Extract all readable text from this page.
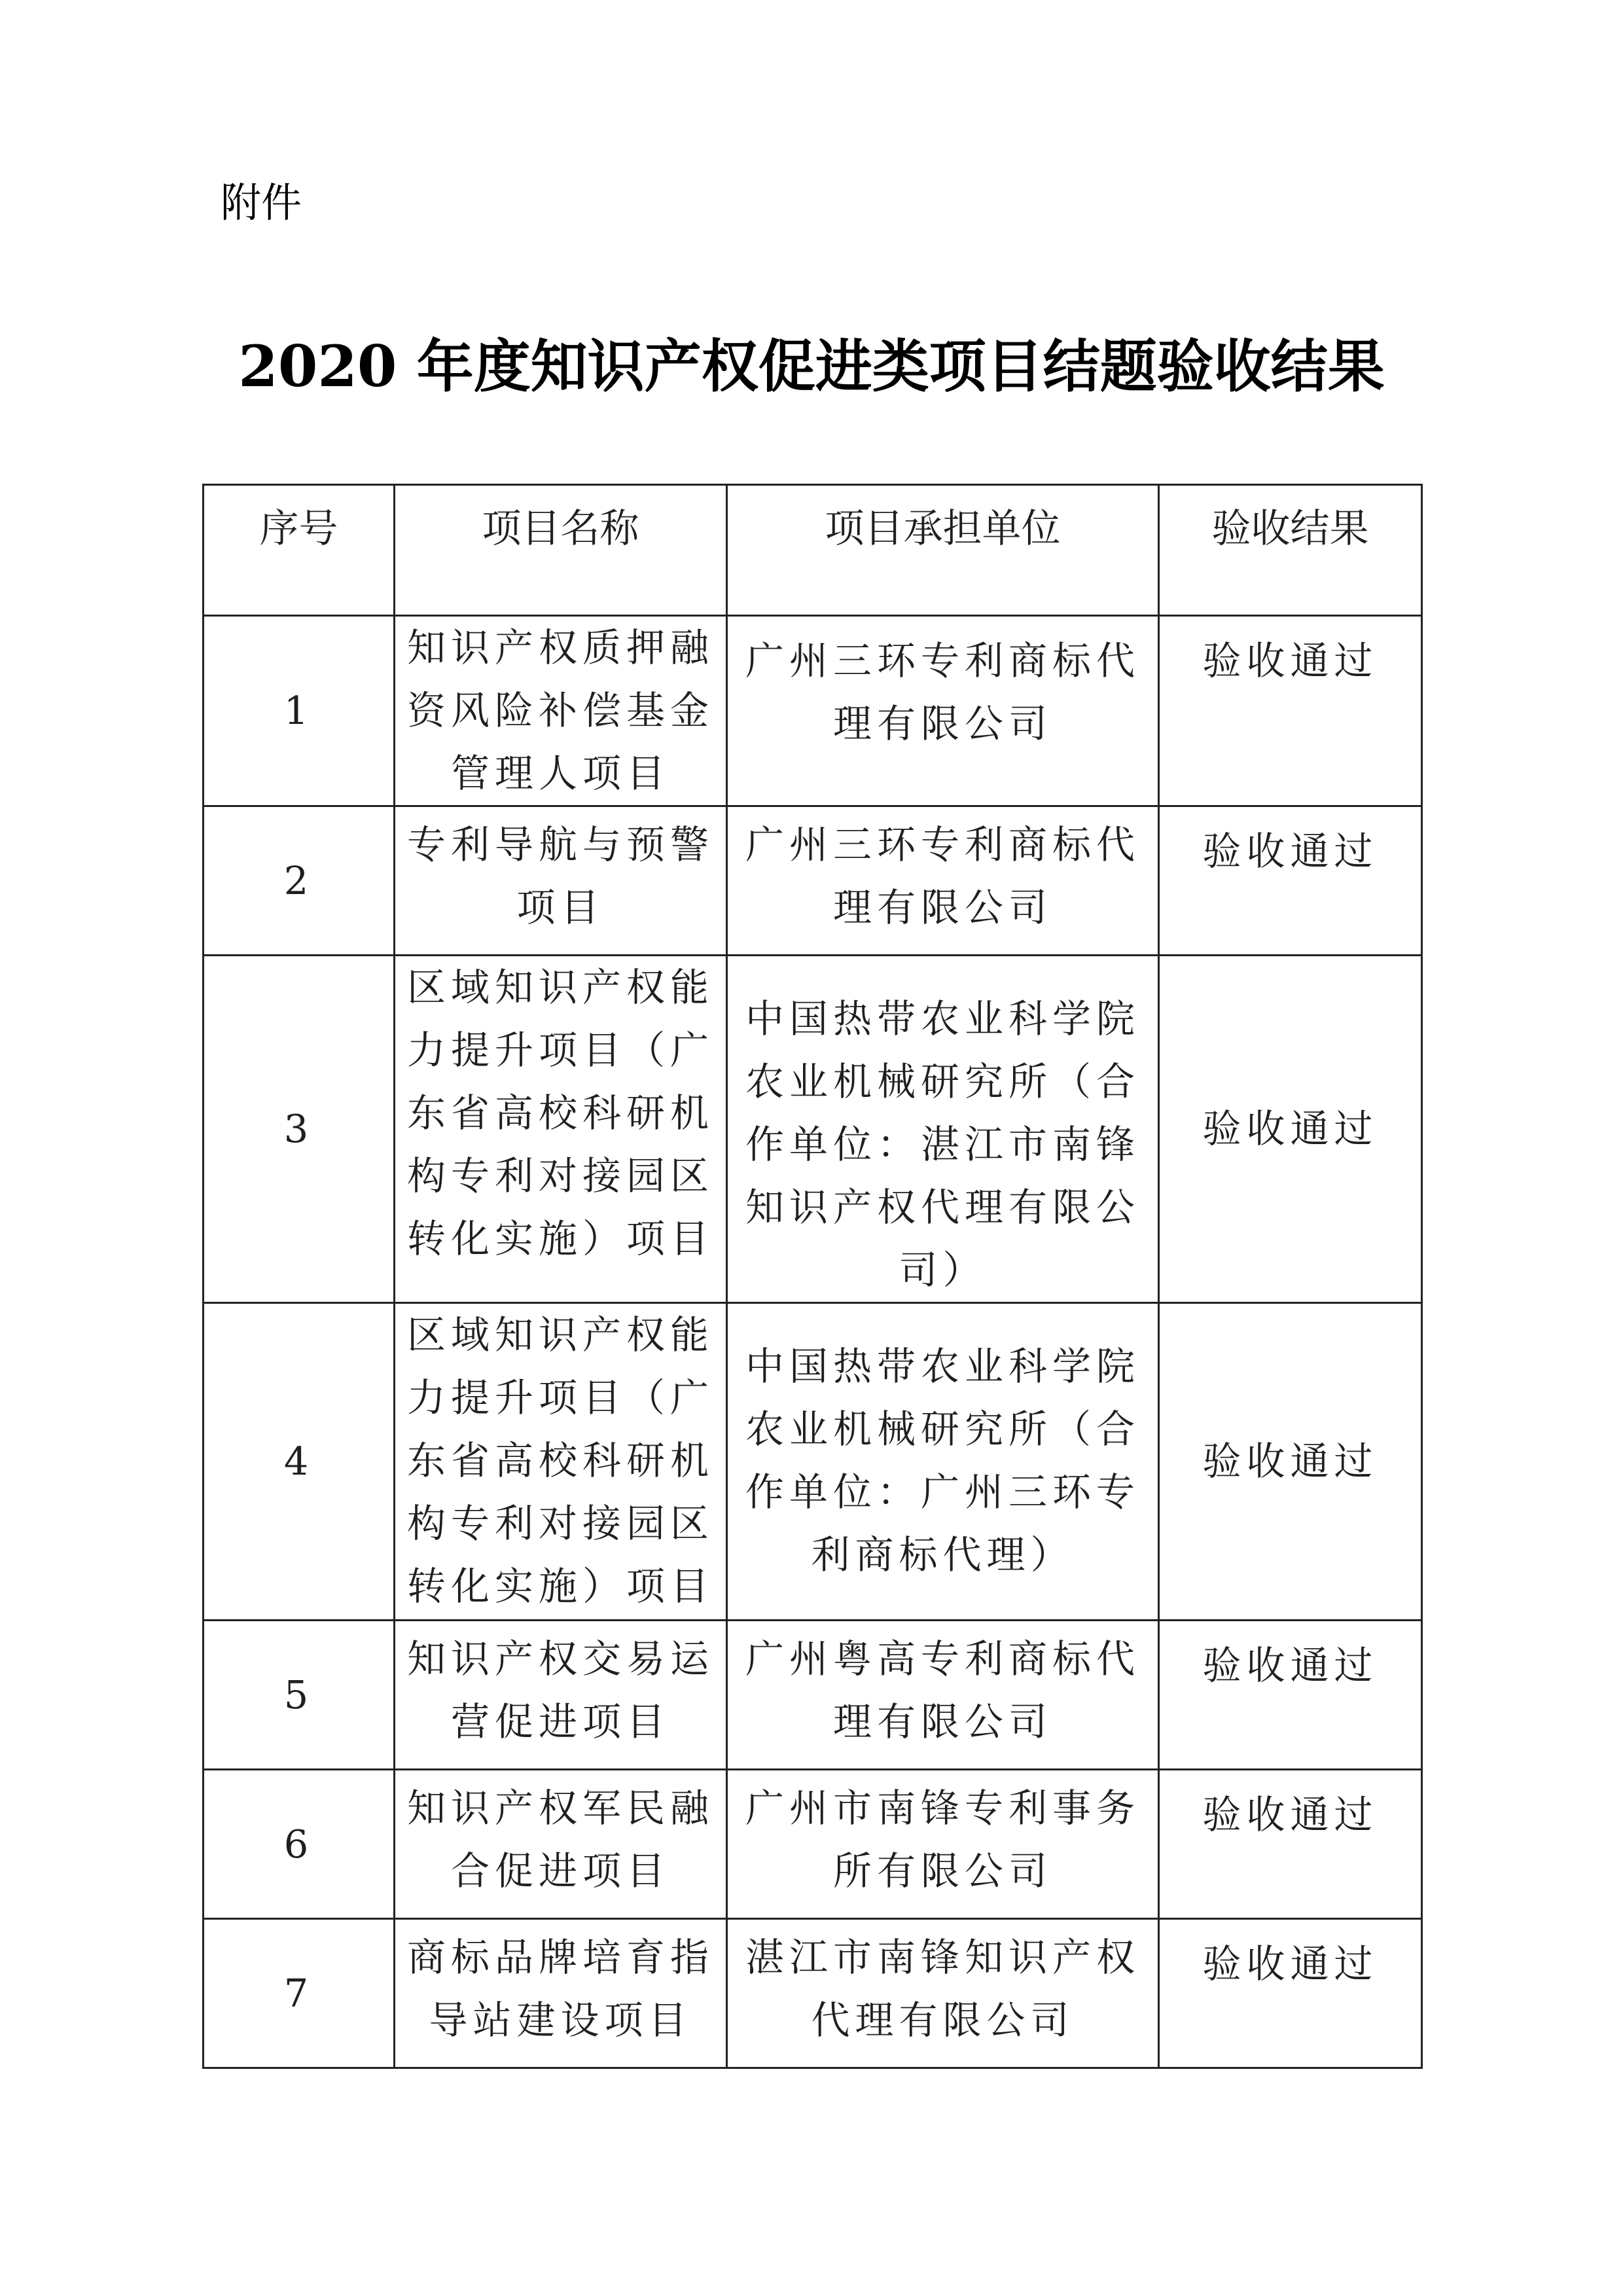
附件
2020 年度知识产权促进类项目结题验收结果
序号	项目名称	项目承担单位	验收结果
1	知识产权质押融资风险补偿基金管理人项目	广州三环专利商标代理有限公司	验收通过
2	专利导航与预警项目	广州三环专利商标代理有限公司	验收通过
3	区域知识产权能力提升项目（广东省高校科研机构专利对接园区转化实施）项目	中国热带农业科学院农业机械研究所（合作单位：湛江市南锋知识产权代理有限公司）	验收通过
4	区域知识产权能力提升项目（广东省高校科研机构专利对接园区转化实施）项目	中国热带农业科学院农业机械研究所（合作单位：广州三环专利商标代理）	验收通过
5	知识产权交易运营促进项目	广州粤高专利商标代理有限公司	验收通过
6	知识产权军民融合促进项目	广州市南锋专利事务所有限公司	验收通过
7	商标品牌培育指导站建设项目	湛江市南锋知识产权代理有限公司	验收通过
